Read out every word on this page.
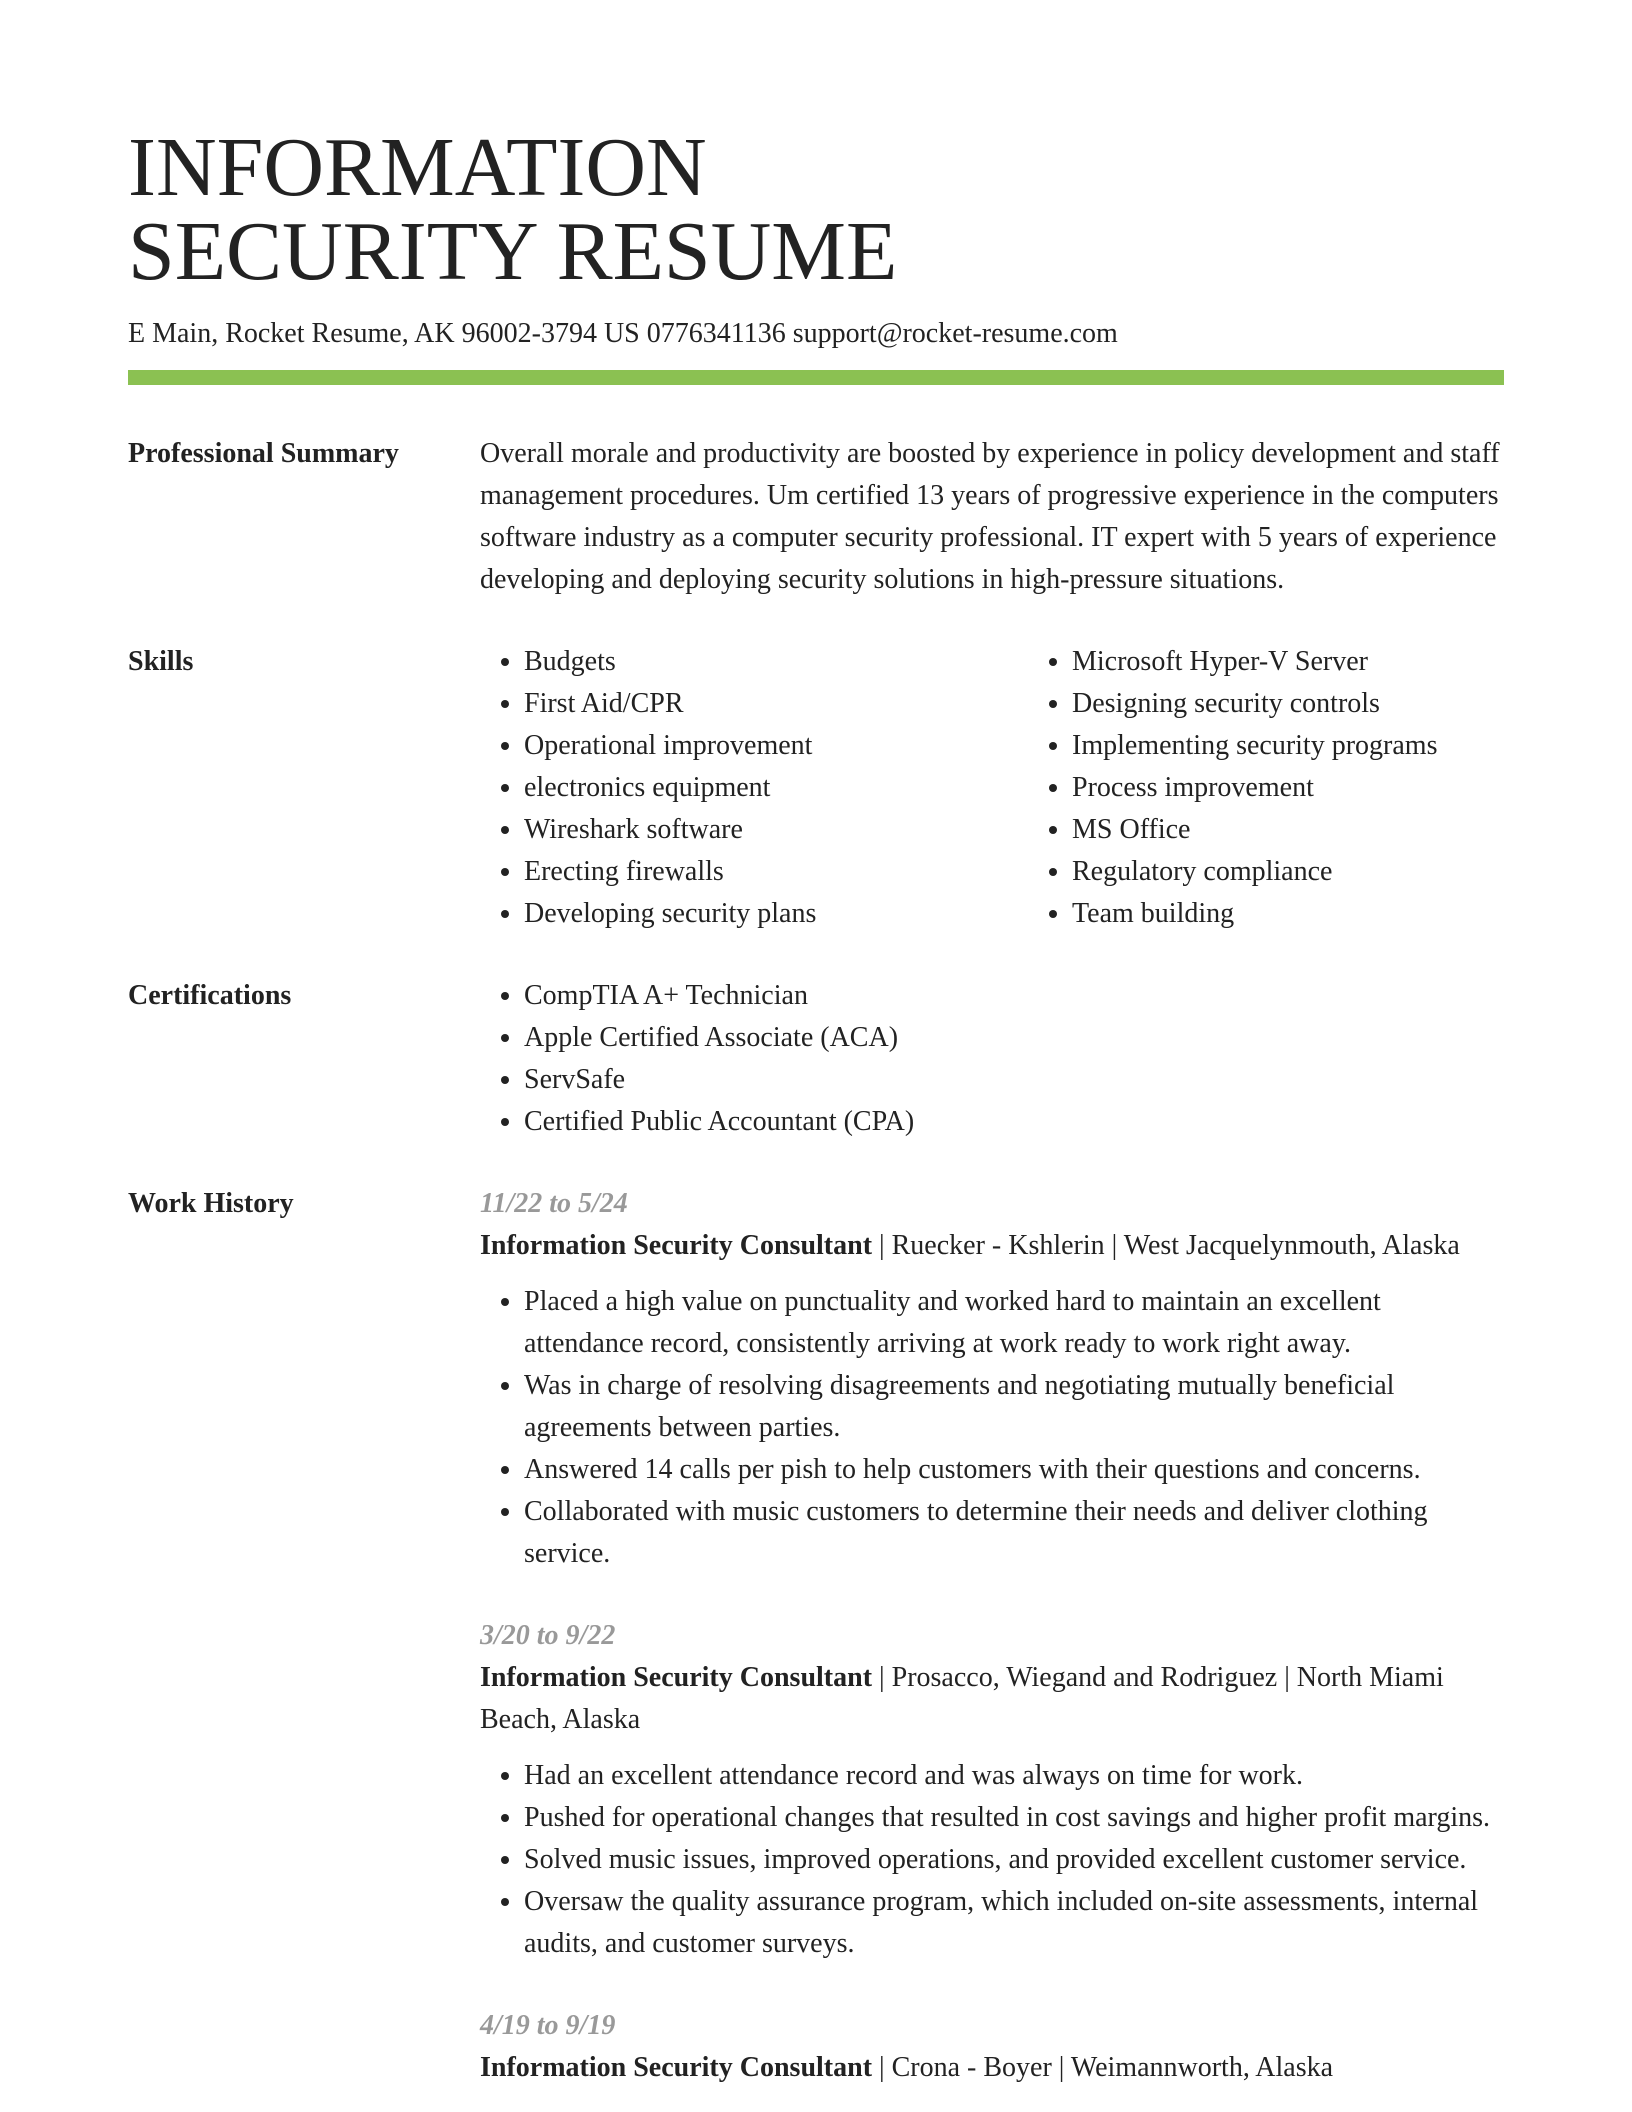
INFORMATION
SECURITY RESUME
E Main, Rocket Resume, AK 96002-3794 US 0776341136 support@rocket-resume.com
Professional Summary	Overall morale and productivity are boosted by experience in policy development and staff management procedures. Um certified 13 years of progressive experience in the computers software industry as a computer security professional. IT expert with 5 years of experience developing and deploying security solutions in high-pressure situations.

Skills	• Budgets
• First Aid/CPR
• Operational improvement
• electronics equipment
• Wireshark software
• Erecting firewalls
• Developing security plans
• Microsoft Hyper-V Server
• Designing security controls
• Implementing security programs
• Process improvement
• MS Office
• Regulatory compliance
• Team building
Certifications	• CompTIA A+ Technician
• Apple Certified Associate (ACA)
• ServSafe
• Certified Public Accountant (CPA)
Work History	11/22 to 5/24
Information Security Consultant | Ruecker - Kshlerin | West Jacquelynmouth, Alaska
• Placed a high value on punctuality and worked hard to maintain an excellent attendance record, consistently arriving at work ready to work right away.
• Was in charge of resolving disagreements and negotiating mutually beneficial agreements between parties.
• Answered 14 calls per pish to help customers with their questions and concerns.
• Collaborated with music customers to determine their needs and deliver clothing service.
3/20 to 9/22
Information Security Consultant | Prosacco, Wiegand and Rodriguez | North Miami Beach, Alaska
• Had an excellent attendance record and was always on time for work.
• Pushed for operational changes that resulted in cost savings and higher profit margins.
• Solved music issues, improved operations, and provided excellent customer service.
• Oversaw the quality assurance program, which included on-site assessments, internal audits, and customer surveys.
4/19 to 9/19
Information Security Consultant | Crona - Boyer | Weimannworth, Alaska
